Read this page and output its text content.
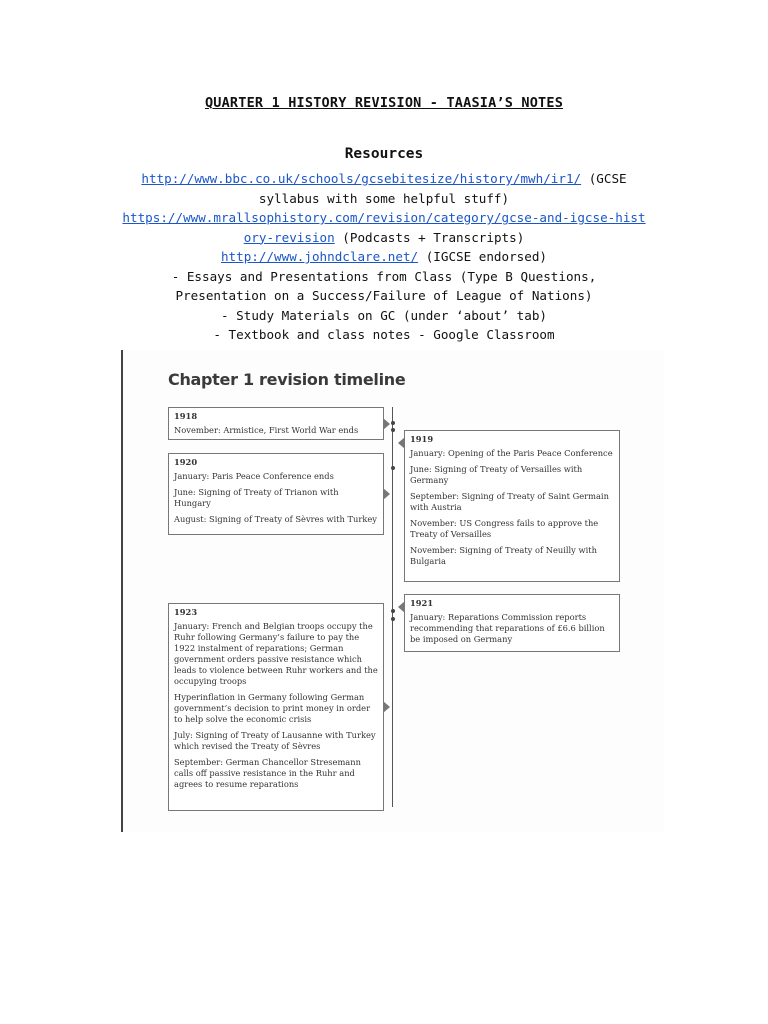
QUARTER 1 HISTORY REVISION - TAASIA’S NOTES
Resources
http://www.bbc.co.uk/schools/gcsebitesize/history/mwh/ir1/ (GCSE
syllabus with some helpful stuff)
https://www.mrallsophistory.com/revision/category/gcse-and-igcse-hist
ory-revision (Podcasts + Transcripts)
http://www.johndclare.net/ (IGCSE endorsed)
- Essays and Presentations from Class (Type B Questions,
Presentation on a Success/Failure of League of Nations)
- Study Materials on GC (under ‘about’ tab)
- Textbook and class notes - Google Classroom
Chapter 1 revision timeline
1918
November: Armistice, First World War ends
1920
January: Paris Peace Conference ends
June: Signing of Treaty of Trianon with Hungary
August: Signing of Treaty of Sèvres with Turkey
1919
January: Opening of the Paris Peace Conference
June: Signing of Treaty of Versailles with Germany
September: Signing of Treaty of Saint Germain with Austria
November: US Congress fails to approve the Treaty of Versailles
November: Signing of Treaty of Neuilly with Bulgaria
1921
January: Reparations Commission reports recommending that reparations of £6.6 billion be imposed on Germany
1923
January: French and Belgian troops occupy the Ruhr following Germany’s failure to pay the 1922 instalment of reparations; German government orders passive resistance which leads to violence between Ruhr workers and the occupying troops
Hyperinflation in Germany following German government’s decision to print money in order to help solve the economic crisis
July: Signing of Treaty of Lausanne with Turkey which revised the Treaty of Sèvres
September: German Chancellor Stresemann calls off passive resistance in the Ruhr and agrees to resume reparations
